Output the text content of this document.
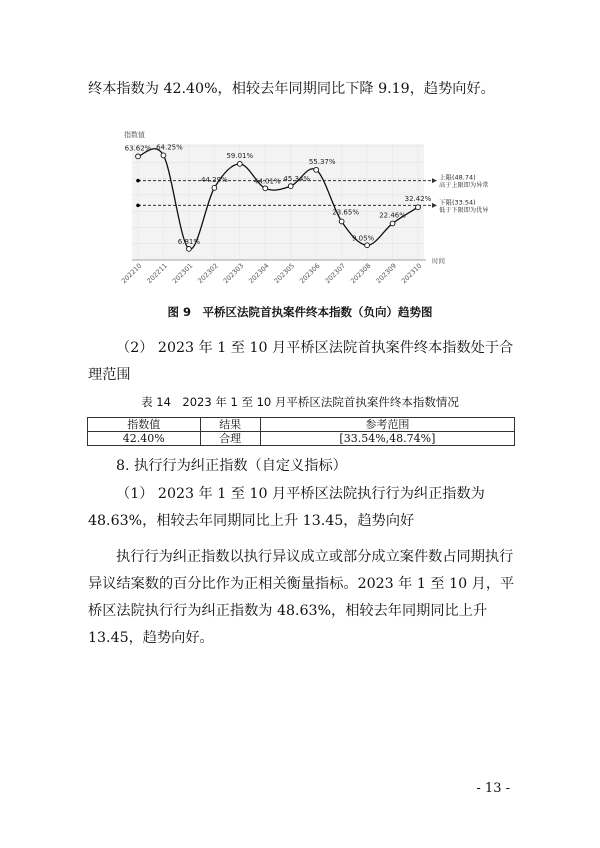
终本指数为 42.40%，相较去年同期同比下降 9.19，趋势向好。

指数值
时间
上限(48.74)
高于上限即为异常
下限(33.54)
低于下限即为优异
63.62%
202210
64.25%
202211
6.81%
202301
44.29%
202302
59.01%
202303
44.01%
202304
45.34%
202305
55.37%
202306
23.65%
202307
9.05%
202308
22.46%
202309
32.42%
202310
图 9　平桥区法院首执案件终本指数（负向）趋势图

（2） 2023 年 1 至 10 月平桥区法院首执案件终本指数处于合理范围

表 14　2023 年 1 至 10 月平桥区法院首执案件终本指数情况
指数值	结果	参考范围
42.40%	合理	[33.54%,48.74%]

8. 执行行为纠正指数（自定义指标）

（1） 2023 年 1 至 10 月平桥区法院执行行为纠正指数为 48.63%，相较去年同期同比上升 13.45，趋势向好

执行行为纠正指数以执行异议成立或部分成立案件数占同期执行异议结案数的百分比作为正相关衡量指标。2023 年 1 至 10 月，平桥区法院执行行为纠正指数为 48.63%，相较去年同期同比上升 13.45，趋势向好。

- 13 -
